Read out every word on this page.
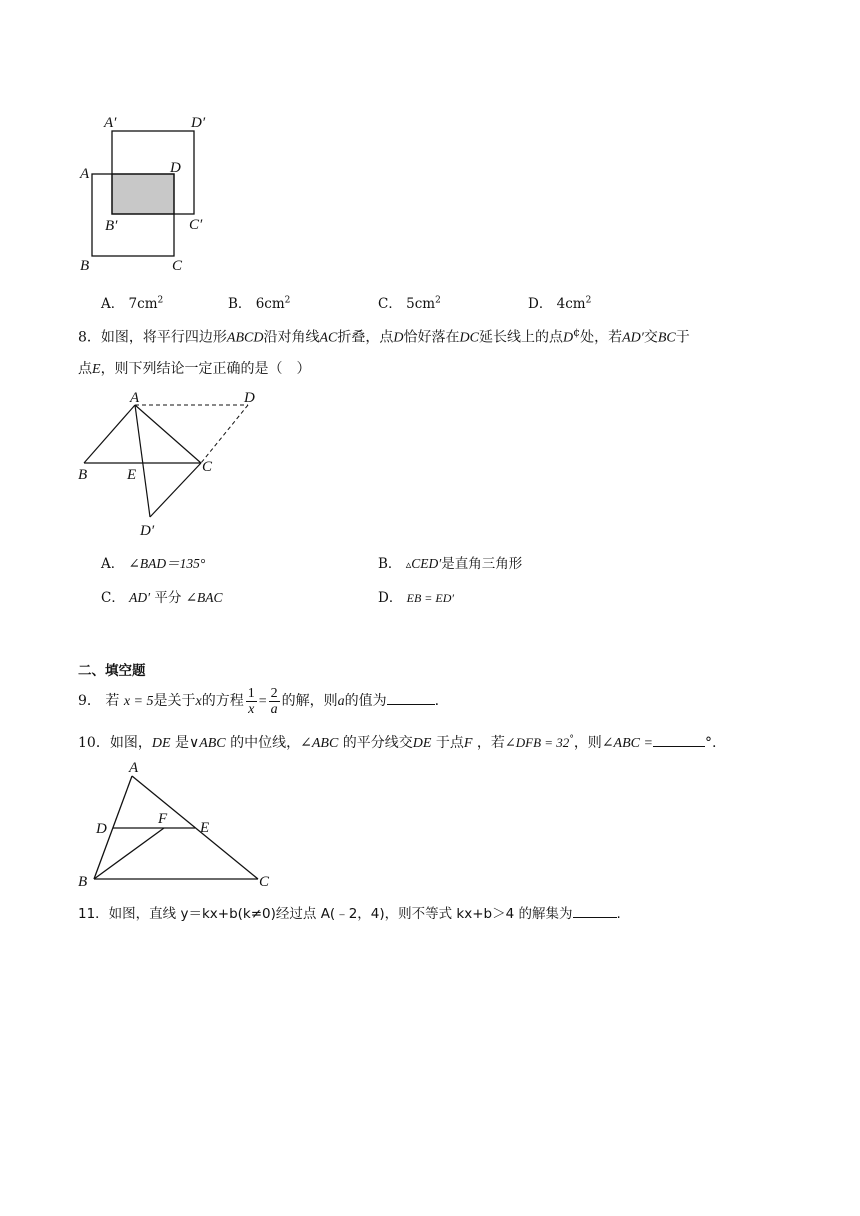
A′	D′
A	D
B′	C′
B	C
A． $7cm^2$	B． $6cm^2$	C． $5cm^2$	D． $4cm^2$
8．如图，将平行四边形ABCD沿对角线AC折叠，点D恰好落在DC延长线上的点D¢处，若AD′交BC于
点E，则下列结论一定正确的是（　）
A	D
B	E	C
D′
A． ∠BAD＝135°	B． ▵CED′是直角三角形
C． AD′ 平分 ∠BAC	D． EB = ED′
二、填空题
9． 若 x = 5是关于x的方程 $\frac{1}{x} = \frac{2}{a}$ 的解，则a的值为	.
10．如图，DE 是∨ABC 的中位线，∠ABC 的平分线交DE 于点F ，若∠DFB = 32°，则∠ABC =	°.
A
D
F
E
B	C
11．如图，直线 y＝kx+b(k≠0)经过点 A(﹣2，4)，则不等式 kx+b＞4 的解集为	.
